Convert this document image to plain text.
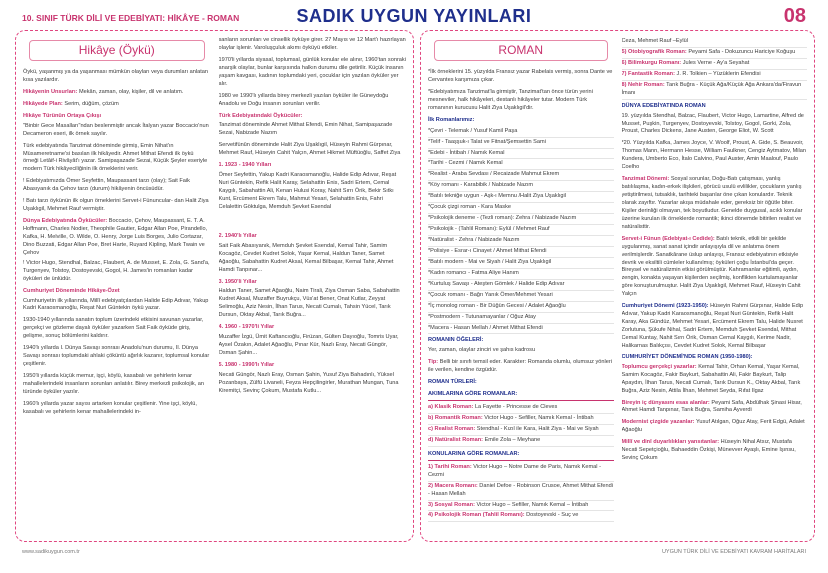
10. SINIF TÜRK DİLİ VE EDEBİYATI: HİKÂYE - ROMAN	SADIK UYGUN YAYINLARI	08
Hikâye (Öykü)
Öykü, yaşanmış ya da yaşanması mümkün olayları veya durumları anlatan kısa yazılardır.
Hikâyenin Unsurları: Mekân, zaman, olay, kişiler, dil ve anlatım.
Hikâyede Plan: Serim, düğüm, çözüm
Hikâye Türünün Ortaya Çıkışı
"Binbir Gece Masalları"ndan beslenmiştir ancak İtalyan yazar Boccacio'nun Decameron eseri, ilk örnek sayılır.
Türk edebiyatında Tanzimat döneminde girmiş, Emin Nihat'ın Müsameretname'si basılan ilk hikâyedir. Ahmet Mithat Efendi ilk öykü örneği Letâif-i Rivâyât'ı yazar. Samipaşazade Sezai, Küçük Şeyler eseriyle modern Türk hikâyeciliğinin ilk örneklerini verir.
! Edebiyatımızda Ömer Seyfettin, Maupassant tarzı (olay); Sait Faik Abasıyanık da Çehov tarzı (durum) hikâyenin öncüsüdür.
! Batı tarzı öykünün ilk olgun örneklerini Servet-i Fünuncular- dan Halit Ziya Uşaklıgil, Mehmet Rauf vermiştir.
Dünya Edebiyatında Öykücüler: Boccacio, Çehov, Maupassant, E. T. A. Hoffmann, Charles Nodier, Theophile Gautier, Edgar Allan Poe, Pirandello, Kafka, H. Melville, O. Wilde, O. Henry, Jorge Luis Borges, Julio Cortazar, Dino Buzzati, Edgar Allan Poe, Bret Harte, Ruyard Kipling, Mark Twain ve Çehov
! Victor Hugo, Stendhal, Balzac, Flaubert, A. de Musset, E. Zola, G. Sand'a, Turgenyev, Tolstoy, Dostoyevski, Gogol, H. James'in romanları kadar öyküleri de ünlüdür.
Cumhuriyet Döneminde Hikâye-Özet
Cumhuriyetin ilk yıllarında, Millî edebiyatçılardan Halide Edip Adıvar, Yakup Kadri Karaosmanoğlu, Reşat Nuri Güntekin öykü yazar.
1930-1940 yıllarında sanatın toplum üzerindeki etkisini savunan yazarlar, gerçekçi ve gözleme dayalı öyküler yazarken Sait Faik öyküde giriş, gelişme, sonuç bölümlerini kaldırır.
1940'lı yıllarda I. Dünya Savaşı sonrası Anadolu'nun durumu, II. Dünya Savaşı sonrası toplumdaki ahlaki çöküntü ağırlık kazanır, toplumsal konular çeşitlenir.
1950'li yıllarda küçük memur, işçi, köylü, kasabalı ve şehirlerin kenar mahallelerindeki insanların sorunları anlatılır. Birey merkezli psikolojik, an türünde öyküler yazılır.
1960'lı yıllarda yazar sayısı artarken konular çeşitlenir. Yine işçi, köylü, kasabalı ve şehirlerin kenar mahallelerindeki in-
sanların sorunları ve cinsellik öyküye girer. 27 Mayıs ve 12 Mart'ı hazırlayan olaylar işlenir. Varoluşçuluk akımı öyküyü etkiler.
1970'li yıllarda siyasal, toplumsal, günlük konular ele alınır, 1960'tan sonraki anarşik olaylar, bunlar karşısında halkın durumu dile getirilir. Küçük insanın yaşam kavgası, kadının toplumdaki yeri, çocuklar için yazılan öyküler yer alır.
1980 ve 1990'lı yıllarda birey merkezli yazılan öyküler ile Güneydoğu Anadolu ve Doğu insanın sorunları verilir.
Türk Edebiyatındaki Öykücüler:
Tanzimat döneminde Ahmet Mithat Efendi, Emin Nihat, Samipaşazade Sezai, Nabizade Nazım
Servetifünûn döneminde Halit Ziya Uşaklıgil, Hüseyin Rahmi Gürpınar, Mehmet Rauf, Hüseyin Cahit Yalçın, Ahmet Hikmet Müftüoğlu, Saffet Ziya
1. 1923 - 1940 Yılları
Ömer Seyfettin, Yakup Kadri Karaosmanoğlu, Halide Edip Adıvar, Reşat Nuri Güntekin, Refik Halit Karay, Selahattin Enis, Sadri Ertem, Cemal Kaygılı, Sabahattin Ali, Kenan Hulusi Koray, Nahit Sırrı Örik, Bekir Sıtkı Kunt, Ercüment Ekrem Talu, Mahmut Yesari, Selahattin Enis, Fahri Celalettin Göktulga, Memduh Şevket Esendal
2. 1940'lı Yıllar
Sait Faik Abasıyanık, Memduh Şevket Esendal, Kemal Tahir, Samim Kocagöz, Cevdet Kudret Solok, Yaşar Kemal, Haldun Taner, Samet Ağaoğlu, Sabahattin Kudret Aksal, Kemal Bilbaşar, Kemal Tahir, Ahmet Hamdi Tanpınar...
3. 1950'li Yıllar
Haldun Taner, Samet Ağaoğlu, Naim Tirali, Ziya Osman Saba, Sabahattin Kudret Aksal, Muzaffer Buyrukçu, Vüs'at Bener, Onat Kutlar, Zeyyat Selimoğlu, Aziz Nesin, İlhan Tarus, Necati Cumalı, Tahsin Yücel, Tarık Dursun, Oktay Akbal, Tarık Buğra...
4. 1960 - 1970'li Yıllar
Muzaffer İzgü, Ümit Kaftancıoğlu, Firüzan, Gülten Dayıoğlu, Tomris Uyar, Aysel Özakın, Adalet Ağaoğlu, Pınar Kür, Nazlı Eray, Necati Güngör, Osman Şahin...
5. 1980 - 1990'lı Yıllar
Necati Güngör, Nazlı Eray, Osman Şahin, Yusuf Ziya Bahadınlı, Yüksel Pozanbaya, Zülfü Livaneli, Feyza Hepçilingirler, Murathan Mungan, Tuna Kiremitçi, Sevinç Çokum, Mustafa Kutlu...
ROMAN
*İlk örneklerini 15. yüzyılda Fransız yazar Rabelais vermiş, sonra Dante ve Cervantes karşımıza çıkar.
*Edebiyatımıza Tanzimat'la girmiştir, Tanzimat'tan önce türün yerini mesneviler, halk hikâyeleri, destanlı hikâyeler tutar. Modern Türk romanının kurucusu Halit Ziya Uşaklıgil'dir.
İlk Romanlarımız:
*Çevri - Telemak / Yusuf Kamil Paşa
*Telif - Taaşşuk-ı Talat ve Fitnat/Şemsettin Sami
*Edebi - İntibah / Namık Kemal
*Tarihi - Cezmi / Namık Kemal
*Realist - Araba Sevdası / Recaizade Mahmut Ekrem
*Köy romanı - Karabibik / Nabizade Nazım
*Batılı tekniğe uygun - Aşk-ı Memnu /Halit Ziya Uşaklıgil
*Çocuk çizgi roman - Kara Maske
*Psikolojik deneme - (Tezli roman): Zehra / Nabizade Nazım
*Psikolojik - (Tahlil Romanı): Eylül / Mehmet Rauf
*Natüralist - Zehra / Nabizade Nazım
*Polisiye - Esrar-ı Cinayet / Ahmet Mithat Efendi
*Batılı modern - Mai ve Siyah / Halit Ziya Uşaklıgil
*Kadın romancı - Fatma Aliye Hanım
*Kurtuluş Savaşı - Ateşten Gömlek / Halide Edip Adıvar
*Çocuk romanı - Bağrı Yanık Ömer/Mehmet Yesari
*İç monolog roman - Bir Düğün Gecesi / Adalet Ağaoğlu
*Postmodern - Tutunamayanlar / Oğuz Atay
*Macera - Hasan Mellah / Ahmet Mithat Efendi
ROMANIN ÖĞELERİ:
Yer, zaman, olaylar zinciri ve şahıs kadrosu
Tip: Belli bir sınıfı temsil eder. Karakter: Romanda olumlu, olumsuz yönleri ile verilen, kendine özgüdür.
ROMAN TÜRLERİ:
AKIMLARINA GÖRE ROMANLAR:
a) Klasik Roman: La Fayette - Princesse de Cleves
b) Romantik Roman: Victor Hugo - Sefiller, Namık Kemal - İntibah
c) Realist Roman: Stendhal - Kızıl ile Kara, Halit Ziya - Mai ve Siyah
d) Natüralist Roman: Emile Zola – Meyhane
KONULARINA GÖRE ROMANLAR:
1) Tarihi Roman: Victor Hugo – Notre Dame de Paris, Namık Kemal - Cezmi
2) Macera Romanı: Daniel Defoe - Robinson Crusoe, Ahmet Mithat Efendi - Hasan Mellah
3) Sosyal Roman: Victor Hugo – Sefiller, Namık Kemal – İntibah
4) Psikolojik Roman (Tahlil Romanı): Dostoyevski - Suç ve
Ceza, Mehmet Rauf –Eylül
5) Otobiyografik Roman: Peyami Safa - Dokuzuncu Hariciye Koğuşu
6) Bilimkurgu Romanı: Jules Verne - Ay'a Seyahat
7) Fantastik Roman: J. R. Tolkien – Yüzüklerin Efendisi
8) Nehir Roman: Tarık Buğra - Küçük Ağa/Küçük Ağa Ankara'da/Firavun İmanı
DÜNYA EDEBİYATINDA ROMAN
19. yüzyılda Stendhal, Balzac, Flaubert, Victor Hugo, Lamartine, Alfred de Musset, Puşkin, Turgenyev, Dostoyevski, Tolstoy, Gogol, Gorki, Zola, Proust, Charles Dickens, Jane Austen, George Eliot, W. Scott
*20. Yüzyılda Kafka, James Joyce, V. Woolf, Proust, A. Gide, S. Beauvoir, Thomas Mann, Hermann Hesse, William Faulkner, Cengiz Aytmatov, Milan Kundera, Umberto Eco, İtalo Calvino, Paul Auster, Amin Maalouf, Paulo Coelho
Tanzimat Dönemi: Sosyal sorunlar, Doğu-Batı çatışması, yanlış batılılaşma, kadın-erkek ilişkileri, görücü usulü evlilikler, çocukların yanlış yetiştirilmesi, tutsaklık, tarihteki başarılar öne çıkan konulardır. Teknik olarak zayıftır. Yazarlar akışa müdahale eder, gereksiz bir öğütle biter. Kişiler derinliği olmayan, tek boyutludur. Genelde duygusal, acıklı konular üzerine kurulan ilk örneklerde romantik; ikinci dönemde bitirilen realist ve natüralisttir.
Servet-i Fünun (Edebiyat-ı Cedide): Batılı teknik, etkili bir şekilde uygulanmış, sanat sanat içindir anlayışıyla dil ve anlatıma önem verilmişlerdir. Sanatkârane üslup anlayışı, Fransız edebiyatının etkisiyle devrik ve eksiltili cümleler kullanılmış; öyküleri çoğu İstanbul'da geçer. Bireysel ve natüralizmin etkisi görülmüştür. Kahramanlar eğitimli, aydın, zengin, konakta yaşayan kişilerden seçilmiş, konflikten kurtulamayanlar göre konuşturulmuştur. Halit Ziya Uşaklıgil, Mehmet Rauf, Hüseyin Cahit Yalçın
Cumhuriyet Dönemi (1923-1950): Hüseyin Rahmi Gürpınar, Halide Edip Adıvar, Yakup Kadri Karaosmanoğlu, Reşat Nuri Güntekin, Refik Halit Karay, Aka Gündüz, Mehmet Yesari, Ercüment Ekrem Talu, Halide Nusret Zorlutuna, Şükufe Nihal, Sadri Ertem, Memduh Şevket Esendal, Mithat Cemal Kuntay, Nahit Sırrı Örik, Osman Cemal Kaygılı, Kerime Nadir, Halikarnas Balıkçısı, Cevdet Kudret Solok, Kemal Bilbaşar
CUMHURİYET DÖNEMİ'NDE ROMAN (1950-1980):
Toplumcu gerçekçi yazarlar: Kemal Tahir, Orhan Kemal, Yaşar Kemal, Samim Kocagöz, Fakir Baykurt, Sabahattin Ali, Fakir Baykurt, Talip Apaydın, İlhan Tarus, Necati Cumalı, Tarık Dursun K., Oktay Akbal, Tarık Buğra, Aziz Nesin, Attila İlhan, Mehmet Seyda, Rıfat Ilgaz
Bireyin iç dünyasını esas alanlar: Peyami Safa, Abdülhak Şinasi Hisar, Ahmet Hamdi Tanpınar, Tarık Buğra, Samiha Ayverdi
Modernist çizgide yazanlar: Yusuf Atılgan, Oğuz Atay, Ferit Edgü, Adalet Ağaoğlu
Millî ve dinî duyarlılıkları yansıtanlar: Hüseyin Nihal Atsız, Mustafa Necati Sepetçioğlu, Bahaeddin Özkişi, Münevver Ayaşlı, Emine Işınsu, Sevinç Çokum
www.sadikuygun.com.tr	UYGUN TÜRK DİLİ VE EDEBİYATI KAVRAM HARİTALARI
